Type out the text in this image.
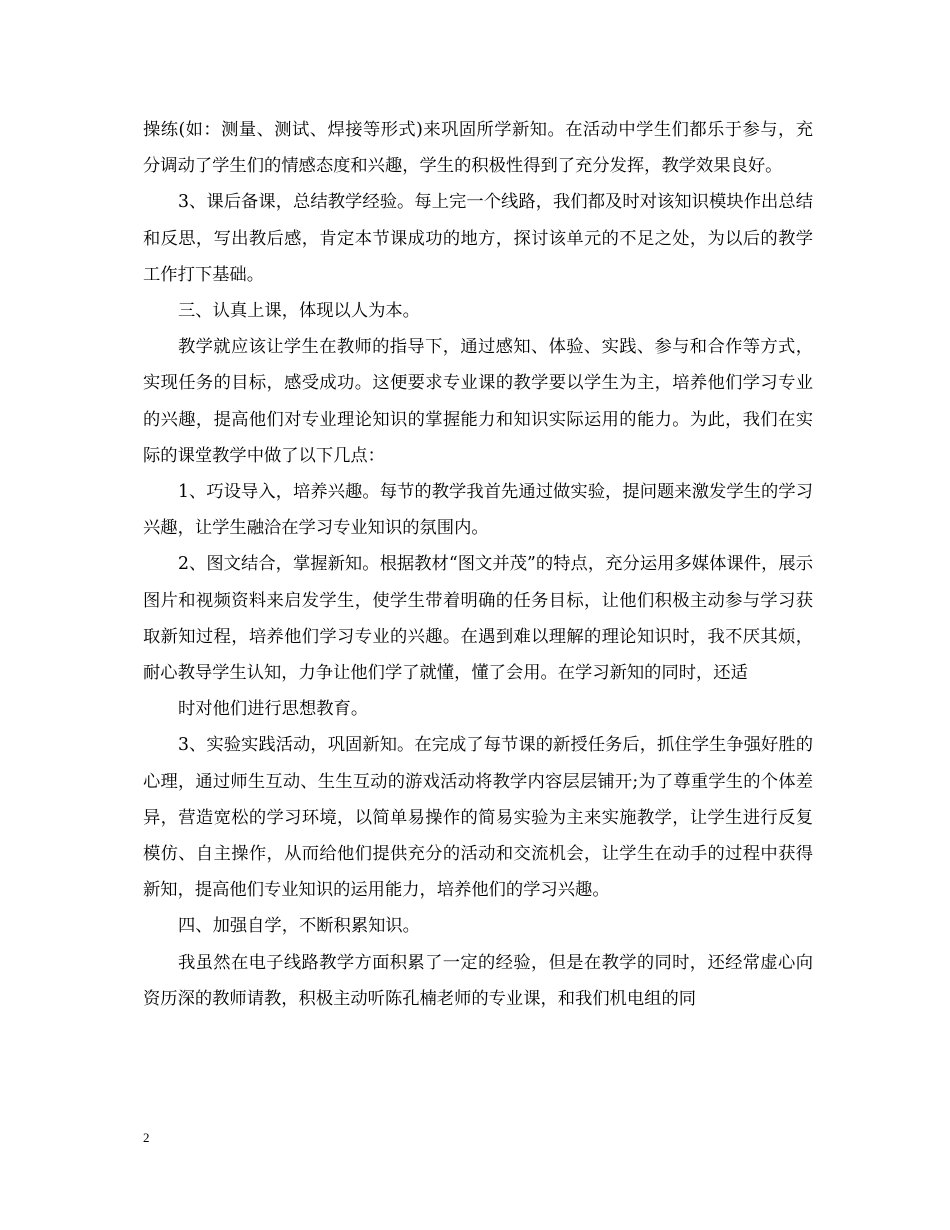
操练(如：测量、测试、焊接等形式)来巩固所学新知。在活动中学生们都乐于参与，充分调动了学生们的情感态度和兴趣，学生的积极性得到了充分发挥，教学效果良好。

3、课后备课，总结教学经验。每上完一个线路，我们都及时对该知识模块作出总结和反思，写出教后感，肯定本节课成功的地方，探讨该单元的不足之处，为以后的教学工作打下基础。

三、认真上课，体现以人为本。

教学就应该让学生在教师的指导下，通过感知、体验、实践、参与和合作等方式，实现任务的目标，感受成功。这便要求专业课的教学要以学生为主，培养他们学习专业的兴趣，提高他们对专业理论知识的掌握能力和知识实际运用的能力。为此，我们在实际的课堂教学中做了以下几点：

1、巧设导入，培养兴趣。每节的教学我首先通过做实验，提问题来激发学生的学习兴趣，让学生融洽在学习专业知识的氛围内。

2、图文结合，掌握新知。根据教材“图文并茂”的特点，充分运用多媒体课件，展示图片和视频资料来启发学生，使学生带着明确的任务目标，让他们积极主动参与学习获取新知过程，培养他们学习专业的兴趣。在遇到难以理解的理论知识时，我不厌其烦，耐心教导学生认知，力争让他们学了就懂，懂了会用。在学习新知的同时，还适

时对他们进行思想教育。

3、实验实践活动，巩固新知。在完成了每节课的新授任务后，抓住学生争强好胜的心理，通过师生互动、生生互动的游戏活动将教学内容层层铺开;为了尊重学生的个体差异，营造宽松的学习环境，以简单易操作的简易实验为主来实施教学，让学生进行反复模仿、自主操作，从而给他们提供充分的活动和交流机会，让学生在动手的过程中获得新知，提高他们专业知识的运用能力，培养他们的学习兴趣。

四、加强自学，不断积累知识。

我虽然在电子线路教学方面积累了一定的经验，但是在教学的同时，还经常虚心向资历深的教师请教，积极主动听陈孔楠老师的专业课，和我们机电组的同

2
